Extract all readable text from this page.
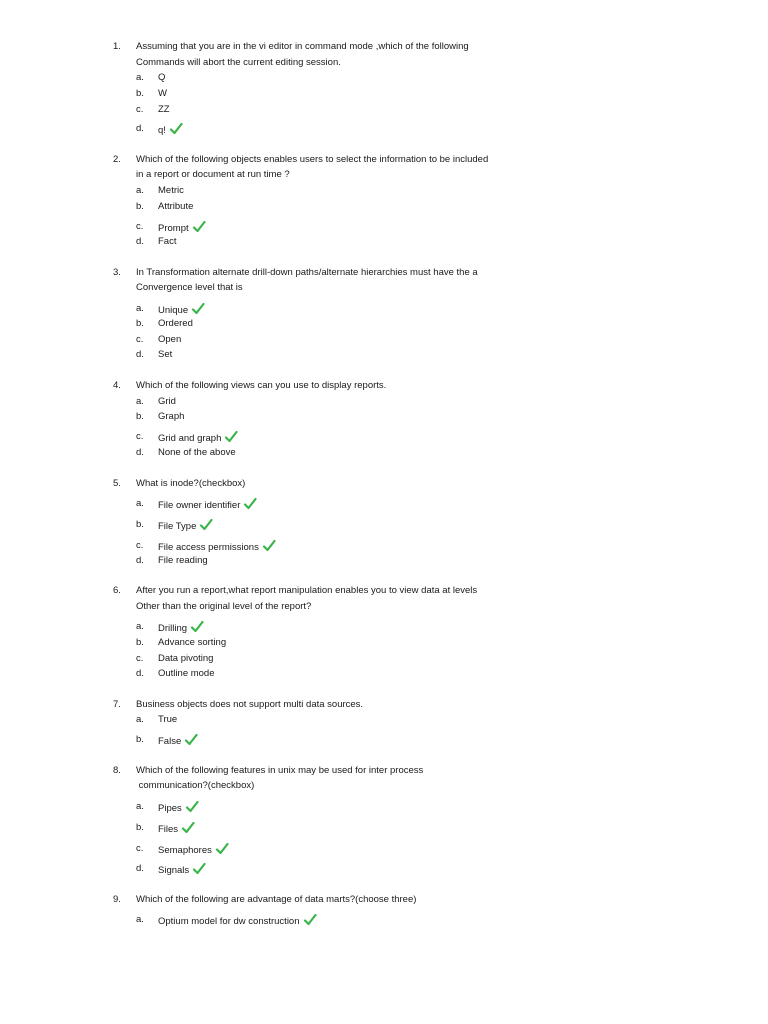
1. Assuming that you are in the vi editor in command mode ,which of the following
Commands will abort the current editing session.
a. Q
b. W
c. ZZ
d. q!
2. Which of the following objects enables users to select the information to be included
in a report or document at run time ?
a. Metric
b. Attribute
c. Prompt
d. Fact
3. In Transformation alternate drill-down paths/alternate hierarchies must have the a
Convergence level that is
a. Unique
b. Ordered
c. Open
d. Set
4. Which of the following views can you use to display reports.
a. Grid
b. Graph
c. Grid and graph
d. None of the above
5. What is inode?(checkbox)
a. File owner identifier
b. File Type
c. File access permissions
d. File reading
6. After you run a report,what report manipulation enables you to view data at levels
Other than the original level of the report?
a. Drilling
b. Advance sorting
c. Data pivoting
d. Outline mode
7. Business objects does not support multi data sources.
a. True
b. False
8. Which of the following features in unix may be used for inter process
communication?(checkbox)
a. Pipes
b. Files
c. Semaphores
d. Signals
9. Which of the following are advantage of data marts?(choose three)
a. Optium model for dw construction
